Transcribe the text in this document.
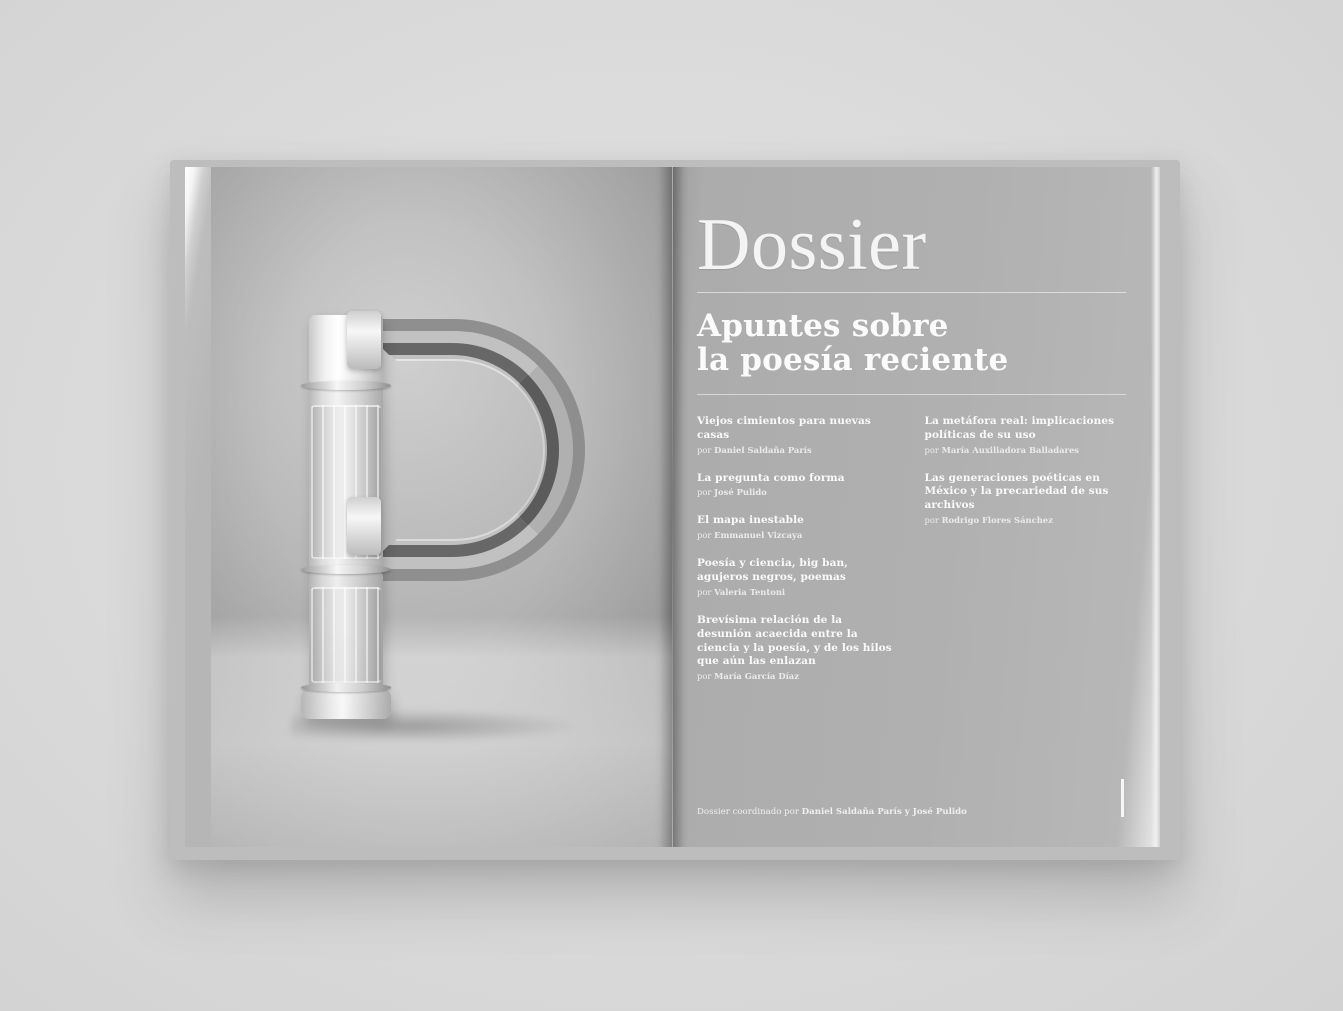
Dossier
Apuntes sobre
la poesía reciente
Viejos cimientos para nuevas casas
por Daniel Saldaña París
La pregunta como forma
por José Pulido
El mapa inestable
por Emmanuel Vizcaya
Poesía y ciencia, big ban, agujeros negros, poemas
por Valeria Tentoni
Brevísima relación de la desunión acaecida entre la ciencia y la poesía, y de los hilos que aún las enlazan
por María García Díaz
La metáfora real: implicaciones políticas de su uso
por María Auxiliadora Balladares
Las generaciones poéticas en México y la precariedad de sus archivos
por Rodrigo Flores Sánchez
Dossier coordinado por Daniel Saldaña París y José Pulido
